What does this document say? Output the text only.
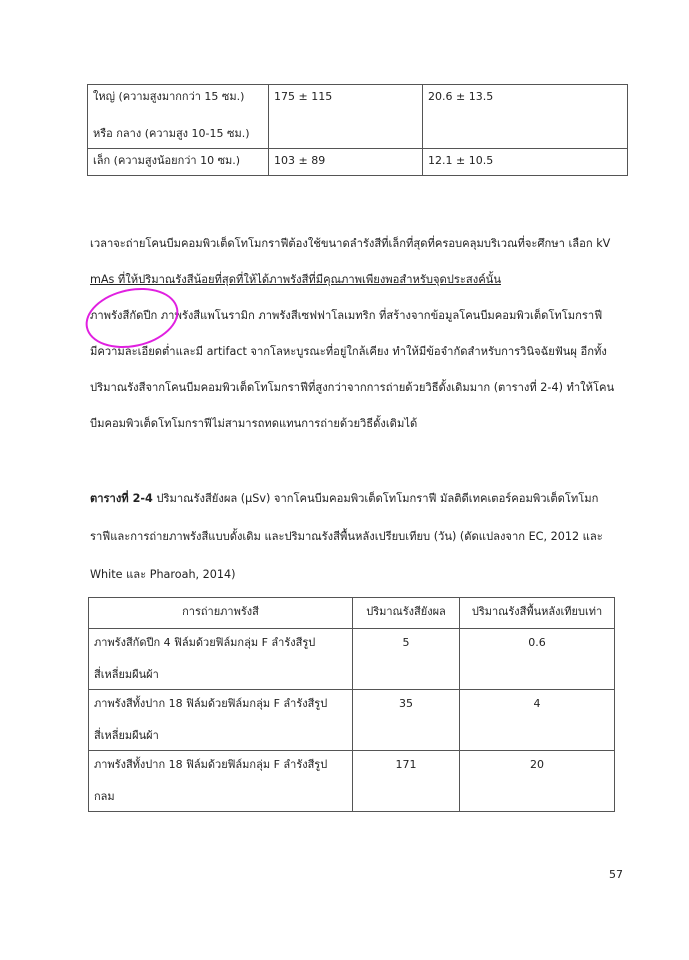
ใหญ่ (ความสูงมากกว่า 15 ซม.)
หรือ กลาง (ความสูง 10-15 ซม.)	175 ± 115	20.6 ± 13.5
เล็ก (ความสูงน้อยกว่า 10 ซม.)	103 ± 89	12.1 ± 10.5
เวลาจะถ่ายโคนบีมคอมพิวเต็ดโทโมกราฟีต้องใช้ขนาดลำรังสีที่เล็กที่สุดที่ครอบคลุมบริเวณที่จะศึกษา เลือก kV
mAs ที่ให้ปริมาณรังสีน้อยที่สุดที่ให้ได้ภาพรังสีที่มีคุณภาพเพียงพอสำหรับจุดประสงค์นั้น
ภาพรังสีกัดปีก ภาพรังสีแพโนรามิก ภาพรังสีเซฟฟาโลเมทริก ที่สร้างจากข้อมูลโคนบีมคอมพิวเต็ดโทโมกราฟี
มีความละเอียดต่ำและมี artifact จากโลหะบูรณะที่อยู่ใกล้เคียง ทำให้มีข้อจำกัดสำหรับการวินิจฉัยฟันผุ อีกทั้ง
ปริมาณรังสีจากโคนบีมคอมพิวเต็ดโทโมกราฟีที่สูงกว่าจากการถ่ายด้วยวิธีดั้งเดิมมาก (ตารางที่ 2-4) ทำให้โคน
บีมคอมพิวเต็ดโทโมกราฟีไม่สามารถทดแทนการถ่ายด้วยวิธีดั้งเดิมได้
ตารางที่ 2-4 ปริมาณรังสียังผล (µSv) จากโคนบีมคอมพิวเต็ดโทโมกราฟี มัลติดีเทคเตอร์คอมพิวเต็ดโทโมก
ราฟีและการถ่ายภาพรังสีแบบดั้งเดิม และปริมาณรังสีพื้นหลังเปรียบเทียบ (วัน) (ดัดแปลงจาก EC, 2012 และ
White และ Pharoah, 2014)
การถ่ายภาพรังสี	ปริมาณรังสียังผล	ปริมาณรังสีพื้นหลังเทียบเท่า
ภาพรังสีกัดปีก 4 ฟิล์มด้วยฟิล์มกลุ่ม F ลำรังสีรูป
สี่เหลี่ยมผืนผ้า	5	0.6
ภาพรังสีทั้งปาก 18 ฟิล์มด้วยฟิล์มกลุ่ม F ลำรังสีรูป
สี่เหลี่ยมผืนผ้า	35	4
ภาพรังสีทั้งปาก 18 ฟิล์มด้วยฟิล์มกลุ่ม F ลำรังสีรูป
กลม	171	20
57
